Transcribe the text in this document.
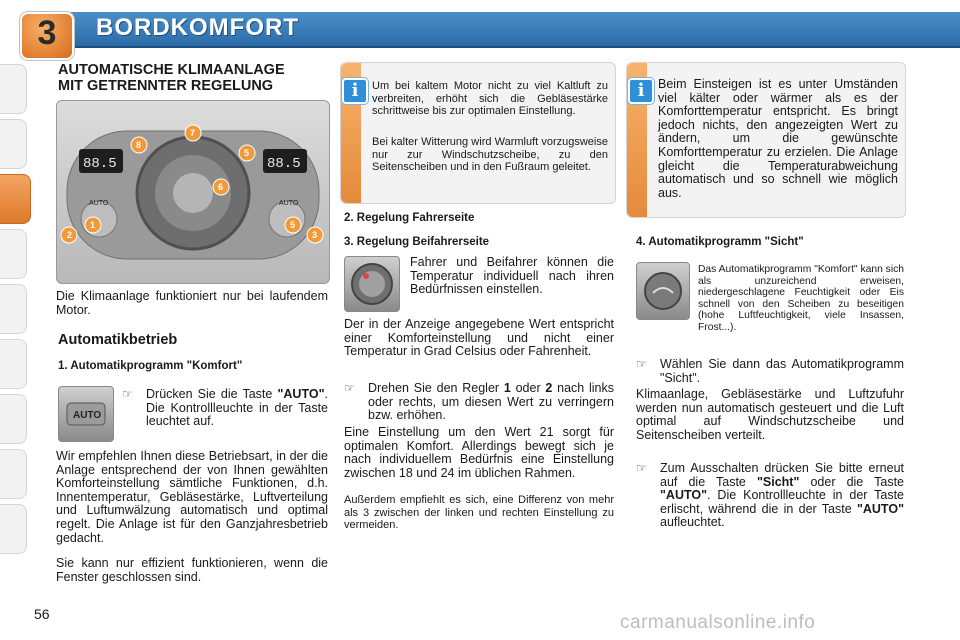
3	BORDKOMFORT
AUTOMATISCHE KLIMAANLAGE
MIT GETRENNTER REGELUNG
88.5	88.5
AUTO	AUTO
2
1
8
7
6
5
5
3
Die Klimaanlage funktioniert nur bei laufendem Motor.
Automatikbetrieb
1. Automatikprogramm "Komfort"
AUTO
☞	Drücken Sie die Taste "AUTO". Die Kontrollleuchte in der Taste leuchtet auf.
Wir empfehlen Ihnen diese Betriebsart, in der die Anlage entsprechend der von Ihnen gewählten Komforteinstellung sämtliche Funktionen, d.h. Innentemperatur, Gebläsestärke, Luftverteilung und Luftumwälzung automatisch und optimal regelt. Die Anlage ist für den Ganzjahresbetrieb gedacht.
Sie kann nur effizient funktionieren, wenn die Fenster geschlossen sind.
i	Um bei kaltem Motor nicht zu viel Kaltluft zu verbreiten, erhöht sich die Gebläsestärke schrittweise bis zur optimalen Einstellung.
Bei kalter Witterung wird Warmluft vorzugsweise nur zur Windschutzscheibe, zu den Seitenscheiben und in den Fußraum geleitet.
2. Regelung Fahrerseite
3. Regelung Beifahrerseite
Fahrer und Beifahrer können die Temperatur individuell nach ihren Bedürfnissen einstellen.
Der in der Anzeige angegebene Wert entspricht einer Komforteinstellung und nicht einer Temperatur in Grad Celsius oder Fahrenheit.
☞	Drehen Sie den Regler 1 oder 2 nach links oder rechts, um diesen Wert zu verringern bzw. erhöhen.
Eine Einstellung um den Wert 21 sorgt für optimalen Komfort. Allerdings bewegt sich je nach individuellem Bedürfnis eine Einstellung zwischen 18 und 24 im üblichen Rahmen.
Außerdem empfiehlt es sich, eine Differenz von mehr als 3 zwischen der linken und rechten Einstellung zu vermeiden.
i	Beim Einsteigen ist es unter Umständen viel kälter oder wärmer als es der Komforttemperatur entspricht. Es bringt jedoch nichts, den angezeigten Wert zu ändern, um die gewünschte Komforttemperatur zu erzielen. Die Anlage gleicht die Temperaturabweichung automatisch und so schnell wie möglich aus.
4. Automatikprogramm "Sicht"
Das Automatikprogramm "Komfort" kann sich als unzureichend erweisen, niedergeschlagene Feuchtigkeit oder Eis schnell von den Scheiben zu beseitigen (hohe Luftfeuchtigkeit, viele Insassen, Frost...).
☞	Wählen Sie dann das Automatikprogramm "Sicht".
Klimaanlage, Gebläsestärke und Luftzufuhr werden nun automatisch gesteuert und die Luft optimal auf Windschutzscheibe und Seitenscheiben verteilt.
☞	Zum Ausschalten drücken Sie bitte erneut auf die Taste "Sicht" oder die Taste "AUTO". Die Kontrollleuchte in der Taste erlischt, während die in der Taste "AUTO" aufleuchtet.
56	carmanualsonline.info
